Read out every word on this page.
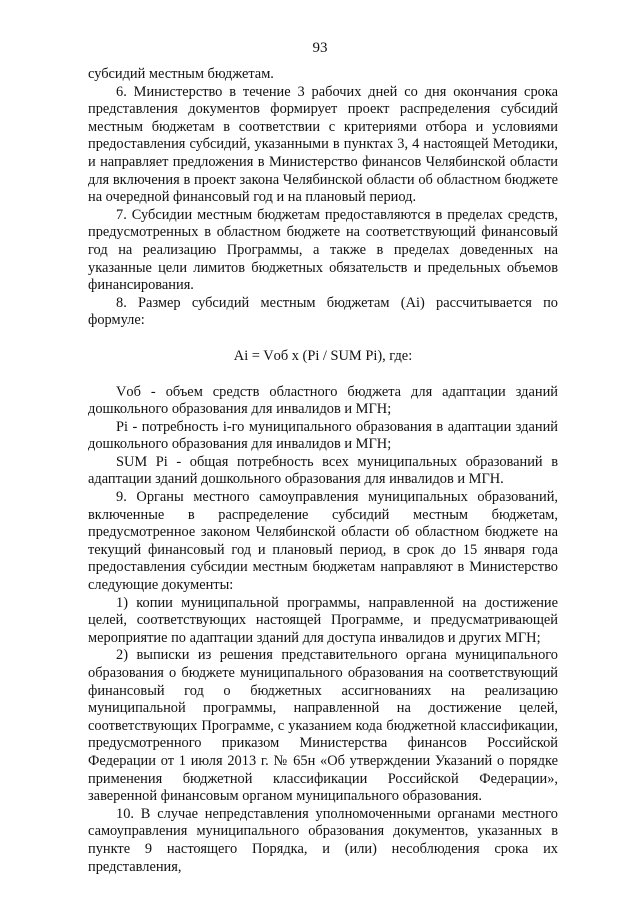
93

субсидий местным бюджетам.

6. Министерство в течение 3 рабочих дней со дня окончания срока представления документов формирует проект распределения субсидий местным бюджетам в соответствии с критериями отбора и условиями предоставления субсидий, указанными в пунктах 3, 4 настоящей Методики, и направляет предложения в Министерство финансов Челябинской области для включения в проект закона Челябинской области об областном бюджете на очередной финансовый год и на плановый период.

7. Субсидии местным бюджетам предоставляются в пределах средств, предусмотренных в областном бюджете на соответствующий финансовый год на реализацию Программы, а также в пределах доведенных на указанные цели лимитов бюджетных обязательств и предельных объемов финансирования.

8. Размер субсидий местным бюджетам (Ai) рассчитывается по формуле:

Ai = Vоб x (Pi / SUM Pi), где:

Vоб - объем средств областного бюджета для адаптации зданий дошкольного образования для инвалидов и МГН;

Pi - потребность i-го муниципального образования в адаптации зданий дошкольного образования для инвалидов и МГН;

SUM Pi - общая потребность всех муниципальных образований в адаптации зданий дошкольного образования для инвалидов и МГН.

9. Органы местного самоуправления муниципальных образований, включенные в распределение субсидий местным бюджетам, предусмотренное законом Челябинской области об областном бюджете на текущий финансовый год и плановый период, в срок до 15 января года предоставления субсидии местным бюджетам направляют в Министерство следующие документы:

1) копии муниципальной программы, направленной на достижение целей, соответствующих настоящей Программе, и предусматривающей мероприятие по адаптации зданий для доступа инвалидов и других МГН;

2) выписки из решения представительного органа муниципального образования о бюджете муниципального образования на соответствующий финансовый год о бюджетных ассигнованиях на реализацию муниципальной программы, направленной на достижение целей, соответствующих Программе, с указанием кода бюджетной классификации, предусмотренного приказом Министерства финансов Российской Федерации от 1 июля 2013 г. № 65н «Об утверждении Указаний о порядке применения бюджетной классификации Российской Федерации», заверенной финансовым органом муниципального образования.

10. В случае непредставления уполномоченными органами местного самоуправления муниципального образования документов, указанных в пункте 9 настоящего Порядка, и (или) несоблюдения срока их представления,
